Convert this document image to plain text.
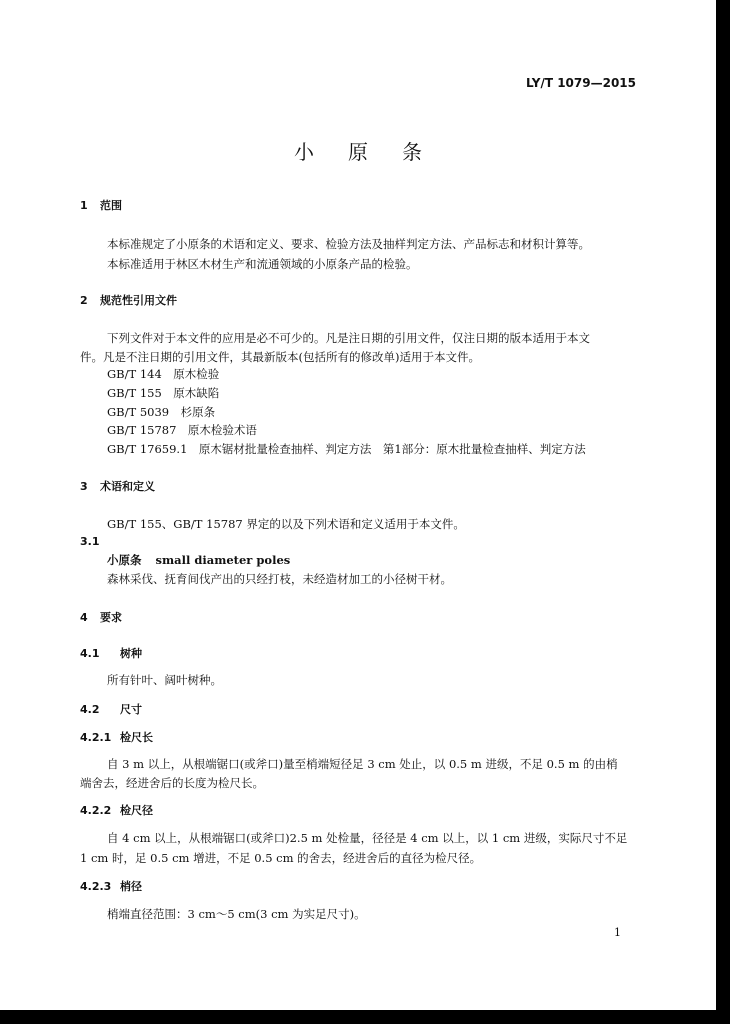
LY/T 1079—2015
小原条
1 范围
本标准规定了小原条的术语和定义、要求、检验方法及抽样判定方法、产品标志和材积计算等。
本标准适用于林区木材生产和流通领域的小原条产品的检验。
2 规范性引用文件
下列文件对于本文件的应用是必不可少的。凡是注日期的引用文件，仅注日期的版本适用于本文
件。凡是不注日期的引用文件，其最新版本(包括所有的修改单)适用于本文件。
GB/T 144　原木检验
GB/T 155　原木缺陷
GB/T 5039　杉原条
GB/T 15787　原木检验术语
GB/T 17659.1　原木锯材批量检查抽样、判定方法　第1部分：原木批量检查抽样、判定方法
3 术语和定义
GB/T 155、GB/T 15787 界定的以及下列术语和定义适用于本文件。
3.1
小原条 small diameter poles
森林采伐、抚育间伐产出的只经打枝，未经造材加工的小径树干材。
4 要求
4.1 树种
所有针叶、阔叶树种。
4.2 尺寸
4.2.1 检尺长
自 3 m 以上，从根端锯口(或斧口)量至梢端短径足 3 cm 处止，以 0.5 m 进级，不足 0.5 m 的由梢
端舍去，经进舍后的长度为检尺长。
4.2.2 检尺径
自 4 cm 以上，从根端锯口(或斧口)2.5 m 处检量，径径是 4 cm 以上，以 1 cm 进级，实际尺寸不足
1 cm 时，足 0.5 cm 增进，不足 0.5 cm 的舍去，经进舍后的直径为检尺径。
4.2.3 梢径
梢端直径范围：3 cm～5 cm(3 cm 为实足尺寸)。
1
